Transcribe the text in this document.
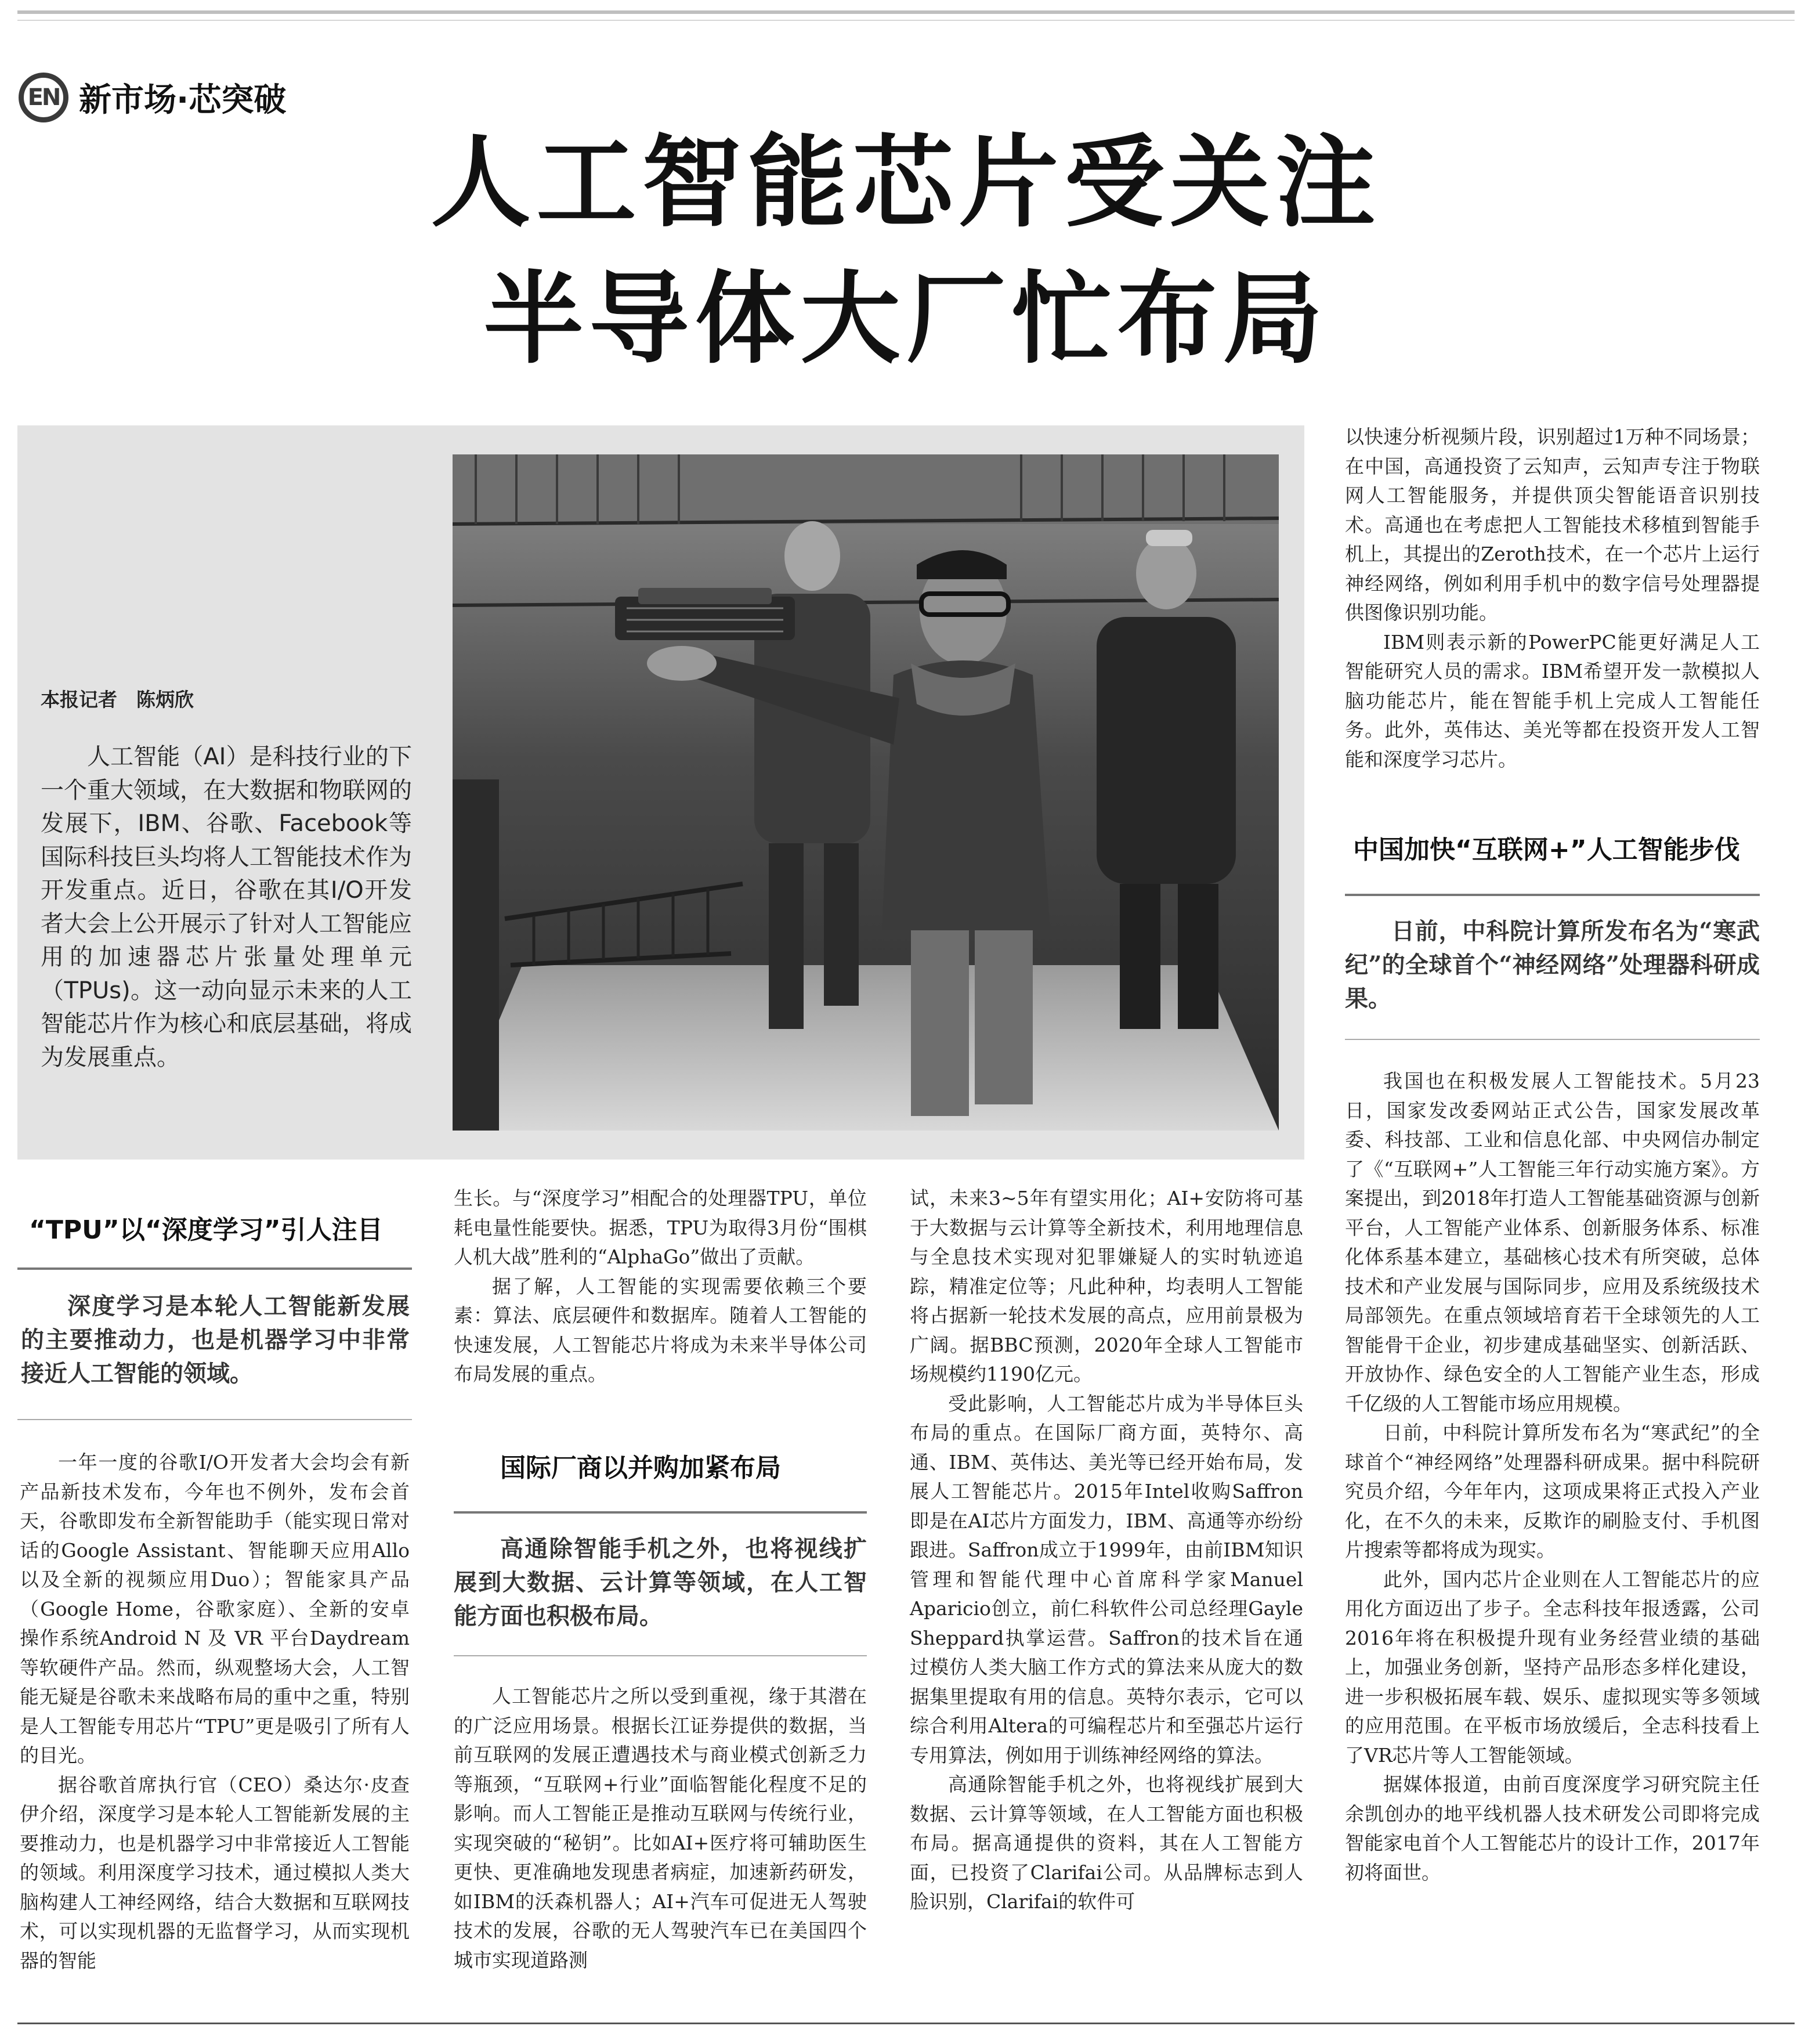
EN 新市场·芯突破
人工智能芯片受关注
半导体大厂忙布局
本报记者　陈炳欣
人工智能（AI）是科技行业的下一个重大领域，在大数据和物联网的发展下，IBM、谷歌、Facebook等国际科技巨头均将人工智能技术作为开发重点。近日，谷歌在其I/O开发者大会上公开展示了针对人工智能应用的加速器芯片张量处理单元（TPUs)。这一动向显示未来的人工智能芯片作为核心和底层基础，将成为发展重点。
“TPU”以“深度学习”引人注目
深度学习是本轮人工智能新发展的主要推动力，也是机器学习中非常接近人工智能的领域。

一年一度的谷歌I/O开发者大会均会有新产品新技术发布，今年也不例外，发布会首天，谷歌即发布全新智能助手（能实现日常对话的Google Assistant、智能聊天应用Allo 以及全新的视频应用Duo）；智能家具产品（Google Home，谷歌家庭）、全新的安卓操作系统Android N 及 VR 平台Daydream 等软硬件产品。然而，纵观整场大会，人工智能无疑是谷歌未来战略布局的重中之重，特别是人工智能专用芯片“TPU”更是吸引了所有人的目光。

据谷歌首席执行官（CEO）桑达尔·皮查伊介绍，深度学习是本轮人工智能新发展的主要推动力，也是机器学习中非常接近人工智能的领域。利用深度学习技术，通过模拟人类大脑构建人工神经网络，结合大数据和互联网技术，可以实现机器的无监督学习，从而实现机器的智能

生长。与“深度学习”相配合的处理器TPU，单位耗电量性能要快。据悉，TPU为取得3月份“围棋人机大战”胜利的“AlphaGo”做出了贡献。

据了解，人工智能的实现需要依赖三个要素：算法、底层硬件和数据库。随着人工智能的快速发展，人工智能芯片将成为未来半导体公司布局发展的重点。

国际厂商以并购加紧布局
高通除智能手机之外，也将视线扩展到大数据、云计算等领域，在人工智能方面也积极布局。

人工智能芯片之所以受到重视，缘于其潜在的广泛应用场景。根据长江证券提供的数据，当前互联网的发展正遭遇技术与商业模式创新乏力等瓶颈，“互联网+行业”面临智能化程度不足的影响。而人工智能正是推动互联网与传统行业，实现突破的“秘钥”。比如AI+医疗将可辅助医生更快、更准确地发现患者病症，加速新药研发，如IBM的沃森机器人；AI+汽车可促进无人驾驶技术的发展，谷歌的无人驾驶汽车已在美国四个城市实现道路测

试，未来3~5年有望实用化；AI+安防将可基于大数据与云计算等全新技术，利用地理信息与全息技术实现对犯罪嫌疑人的实时轨迹追踪，精准定位等；凡此种种，均表明人工智能将占据新一轮技术发展的高点，应用前景极为广阔。据BBC预测，2020年全球人工智能市场规模约1190亿元。

受此影响，人工智能芯片成为半导体巨头布局的重点。在国际厂商方面，英特尔、高通、IBM、英伟达、美光等已经开始布局，发展人工智能芯片。2015年Intel收购Saffron即是在AI芯片方面发力，IBM、高通等亦纷纷跟进。Saffron成立于1999年，由前IBM知识管理和智能代理中心首席科学家Manuel Aparicio创立，前仁科软件公司总经理Gayle Sheppard执掌运营。Saffron的技术旨在通过模仿人类大脑工作方式的算法来从庞大的数据集里提取有用的信息。英特尔表示，它可以综合利用Altera的可编程芯片和至强芯片运行专用算法，例如用于训练神经网络的算法。

高通除智能手机之外，也将视线扩展到大数据、云计算等领域，在人工智能方面也积极布局。据高通提供的资料，其在人工智能方面，已投资了Clarifai公司。从品牌标志到人脸识别，Clarifai的软件可

以快速分析视频片段，识别超过1万种不同场景；在中国，高通投资了云知声，云知声专注于物联网人工智能服务，并提供顶尖智能语音识别技术。高通也在考虑把人工智能技术移植到智能手机上，其提出的Zeroth技术，在一个芯片上运行神经网络，例如利用手机中的数字信号处理器提供图像识别功能。

IBM则表示新的PowerPC能更好满足人工智能研究人员的需求。IBM希望开发一款模拟人脑功能芯片，能在智能手机上完成人工智能任务。此外，英伟达、美光等都在投资开发人工智能和深度学习芯片。

中国加快“互联网+”人工智能步伐
日前，中科院计算所发布名为“寒武纪”的全球首个“神经网络”处理器科研成果。

我国也在积极发展人工智能技术。5月23日，国家发改委网站正式公告，国家发展改革委、科技部、工业和信息化部、中央网信办制定了《“互联网+”人工智能三年行动实施方案》。方案提出，到2018年打造人工智能基础资源与创新平台，人工智能产业体系、创新服务体系、标准化体系基本建立，基础核心技术有所突破，总体技术和产业发展与国际同步，应用及系统级技术局部领先。在重点领域培育若干全球领先的人工智能骨干企业，初步建成基础坚实、创新活跃、开放协作、绿色安全的人工智能产业生态，形成千亿级的人工智能市场应用规模。

日前，中科院计算所发布名为“寒武纪”的全球首个“神经网络”处理器科研成果。据中科院研究员介绍，今年年内，这项成果将正式投入产业化，在不久的未来，反欺诈的刷脸支付、手机图片搜索等都将成为现实。

此外，国内芯片企业则在人工智能芯片的应用化方面迈出了步子。全志科技年报透露，公司2016年将在积极提升现有业务经营业绩的基础上，加强业务创新，坚持产品形态多样化建设，进一步积极拓展车载、娱乐、虚拟现实等多领域的应用范围。在平板市场放缓后，全志科技看上了VR芯片等人工智能领域。

据媒体报道，由前百度深度学习研究院主任余凯创办的地平线机器人技术研发公司即将完成智能家电首个人工智能芯片的设计工作，2017年初将面世。
